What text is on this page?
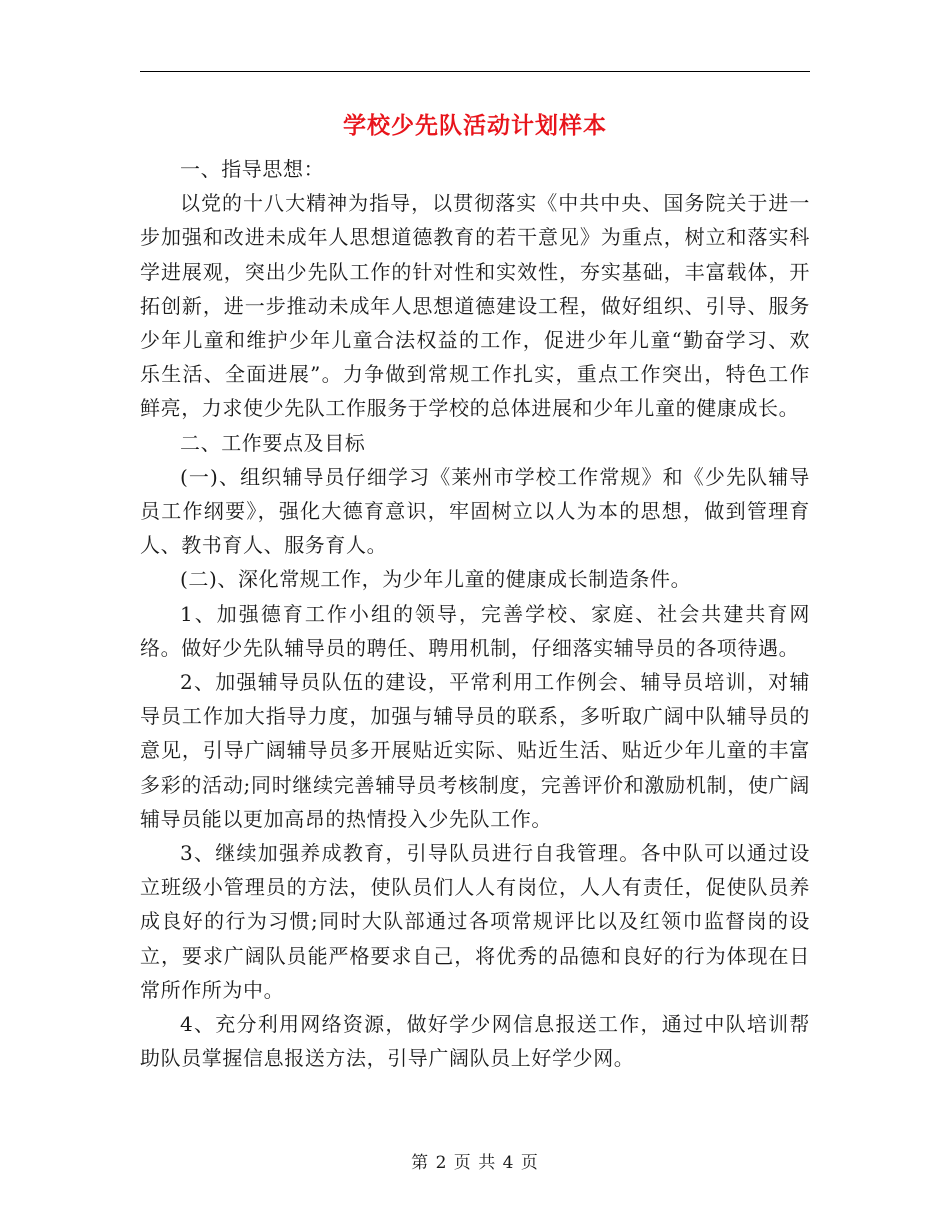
学校少先队活动计划样本

一、指导思想：

以党的十八大精神为指导，以贯彻落实《中共中央、国务院关于进一步加强和改进未成年人思想道德教育的若干意见》为重点，树立和落实科学进展观，突出少先队工作的针对性和实效性，夯实基础，丰富载体，开拓创新，进一步推动未成年人思想道德建设工程，做好组织、引导、服务少年儿童和维护少年儿童合法权益的工作，促进少年儿童“勤奋学习、欢乐生活、全面进展”。力争做到常规工作扎实，重点工作突出，特色工作鲜亮，力求使少先队工作服务于学校的总体进展和少年儿童的健康成长。

二、工作要点及目标

(一)、组织辅导员仔细学习《莱州市学校工作常规》和《少先队辅导员工作纲要》，强化大德育意识，牢固树立以人为本的思想，做到管理育人、教书育人、服务育人。

(二)、深化常规工作，为少年儿童的健康成长制造条件。

1、加强德育工作小组的领导，完善学校、家庭、社会共建共育网络。做好少先队辅导员的聘任、聘用机制，仔细落实辅导员的各项待遇。

2、加强辅导员队伍的建设，平常利用工作例会、辅导员培训，对辅导员工作加大指导力度，加强与辅导员的联系，多听取广阔中队辅导员的意见，引导广阔辅导员多开展贴近实际、贴近生活、贴近少年儿童的丰富多彩的活动;同时继续完善辅导员考核制度，完善评价和激励机制，使广阔辅导员能以更加高昂的热情投入少先队工作。

3、继续加强养成教育，引导队员进行自我管理。各中队可以通过设立班级小管理员的方法，使队员们人人有岗位，人人有责任，促使队员养成良好的行为习惯;同时大队部通过各项常规评比以及红领巾监督岗的设立，要求广阔队员能严格要求自己，将优秀的品德和良好的行为体现在日常所作所为中。

4、充分利用网络资源，做好学少网信息报送工作，通过中队培训帮助队员掌握信息报送方法，引导广阔队员上好学少网。

第 2 页 共 4 页
